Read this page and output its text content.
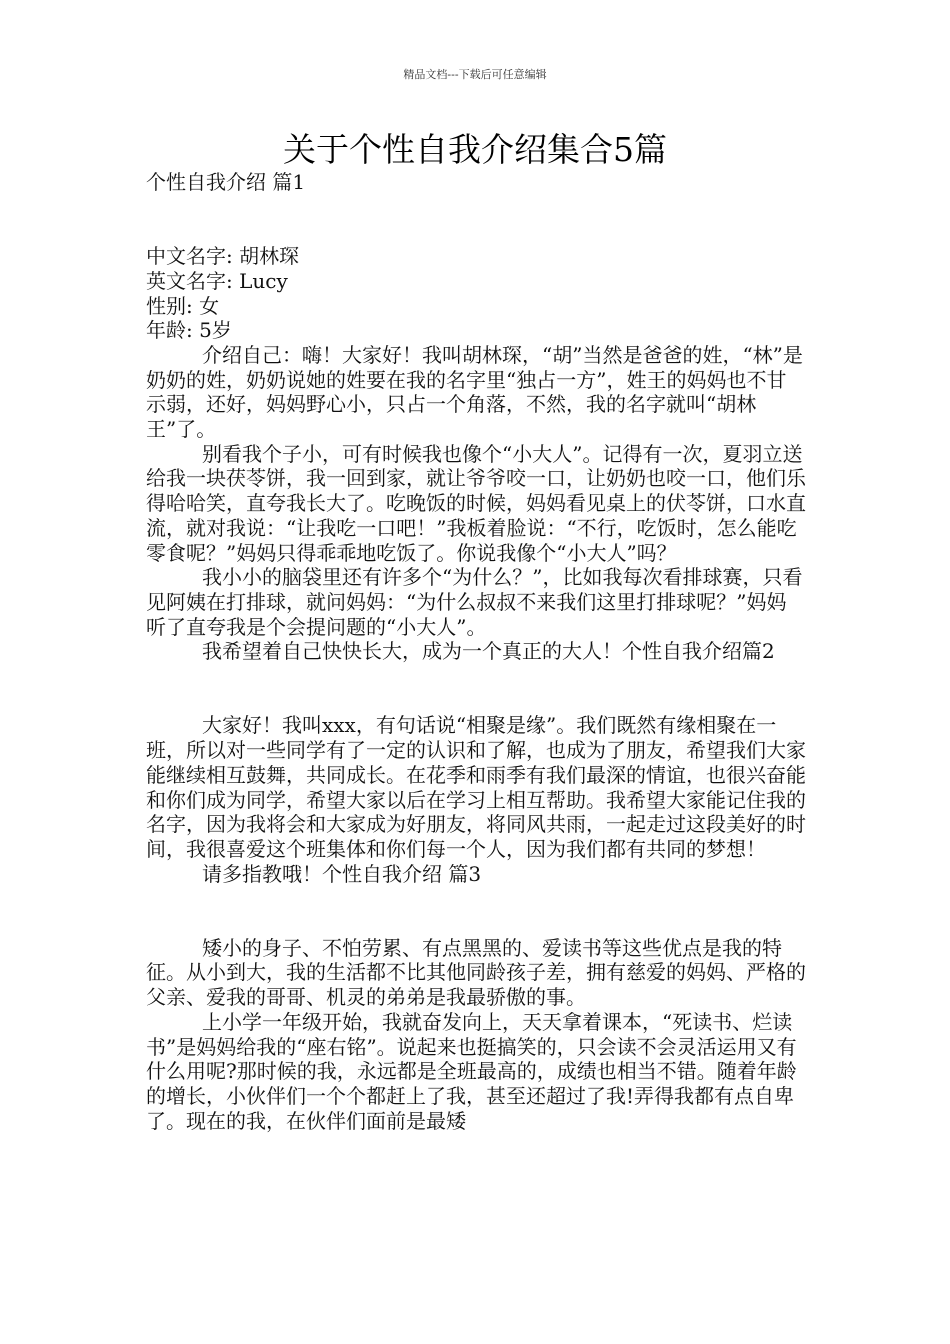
精品文档---下载后可任意编辑
关于个性自我介绍集合5篇

个性自我介绍 篇1

中文名字: 胡林琛

英文名字: Lucy

性别: 女

年龄: 5岁

介绍自己：嗨！大家好！我叫胡林琛，“胡”当然是爸爸的姓，“林”是奶奶的姓，奶奶说她的姓要在我的名字里“独占一方”，姓王的妈妈也不甘示弱，还好，妈妈野心小，只占一个角落，不然，我的名字就叫“胡林王”了。

别看我个子小，可有时候我也像个“小大人”。记得有一次，夏羽立送给我一块茯苓饼，我一回到家，就让爷爷咬一口，让奶奶也咬一口，他们乐得哈哈笑，直夸我长大了。吃晚饭的时候，妈妈看见桌上的伏苓饼，口水直流，就对我说：“让我吃一口吧！”我板着脸说：“不行，吃饭时，怎么能吃零食呢？”妈妈只得乖乖地吃饭了。你说我像个“小大人”吗？

我小小的脑袋里还有许多个“为什么？”，比如我每次看排球赛，只看见阿姨在打排球，就问妈妈：“为什么叔叔不来我们这里打排球呢？”妈妈听了直夸我是个会提问题的“小大人”。

我希望着自己快快长大，成为一个真正的大人！个性自我介绍篇2

大家好！我叫xxx，有句话说“相聚是缘”。我们既然有缘相聚在一班，所以对一些同学有了一定的认识和了解，也成为了朋友，希望我们大家能继续相互鼓舞，共同成长。在花季和雨季有我们最深的情谊，也很兴奋能和你们成为同学，希望大家以后在学习上相互帮助。我希望大家能记住我的名字，因为我将会和大家成为好朋友，将同风共雨，一起走过这段美好的时间，我很喜爱这个班集体和你们每一个人，因为我们都有共同的梦想！

请多指教哦！个性自我介绍 篇3

矮小的身子、不怕劳累、有点黑黑的、爱读书等这些优点是我的特征。从小到大，我的生活都不比其他同龄孩子差，拥有慈爱的妈妈、严格的父亲、爱我的哥哥、机灵的弟弟是我最骄傲的事。

上小学一年级开始，我就奋发向上，天天拿着课本，“死读书、烂读书”是妈妈给我的“座右铭”。说起来也挺搞笑的，只会读不会灵活运用又有什么用呢?那时候的我，永远都是全班最高的，成绩也相当不错。随着年龄的增长，小伙伴们一个个都赶上了我，甚至还超过了我!弄得我都有点自卑了。现在的我，在伙伴们面前是最矮
